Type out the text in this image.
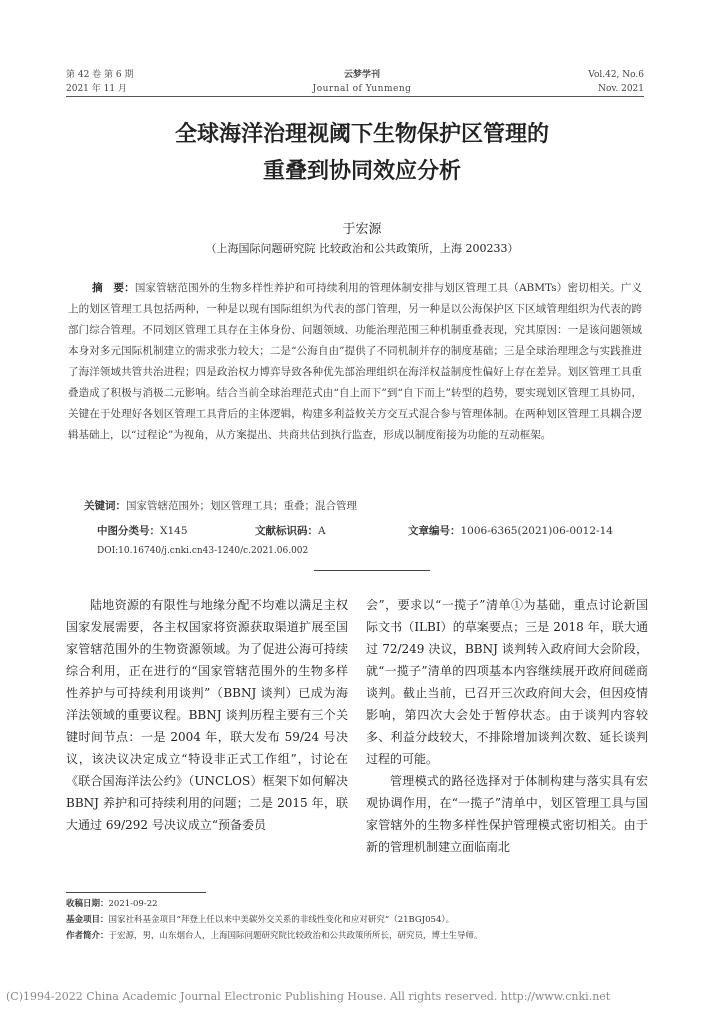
第 42 卷 第 6 期
2021 年 11 月
云梦学刊
Journal of Yunmeng
Vol.42, No.6
Nov. 2021
全球海洋治理视阈下生物保护区管理的
重叠到协同效应分析
于宏源
（上海国际问题研究院 比较政治和公共政策所，上海 200233）
摘　要：国家管辖范围外的生物多样性养护和可持续利用的管理体制安排与划区管理工具（ABMTs）密切相关。广义上的划区管理工具包括两种，一种是以现有国际组织为代表的部门管理，另一种是以公海保护区下区域管理组织为代表的跨部门综合管理。不同划区管理工具存在主体身份、问题领域、功能治理范围三种机制重叠表现，究其原因：一是该问题领域本身对多元国际机制建立的需求张力较大；二是“公海自由”提供了不同机制并存的制度基础；三是全球治理理念与实践推进了海洋领域共管共治进程；四是政治权力博弈导致各种优先部治理组织在海洋权益制度性偏好上存在差异。划区管理工具重叠造成了积极与消极二元影响。结合当前全球治理范式由“自上而下”到“自下而上”转型的趋势，要实现划区管理工具协同，关键在于处理好各划区管理工具背后的主体逻辑，构建多利益攸关方交互式混合参与管理体制。在两种划区管理工具耦合逻辑基础上，以“过程论”为视角，从方案提出、共商共估到执行监查，形成以制度衔接为功能的互动框架。
关键词：国家管辖范围外；划区管理工具；重叠；混合管理
中图分类号：X145	文献标识码：A	文章编号：1006-6365(2021)06-0012-14
DOI:10.16740/j.cnki.cn43-1240/c.2021.06.002

陆地资源的有限性与地缘分配不均难以满足主权国家发展需要，各主权国家将资源获取渠道扩展至国家管辖范围外的生物资源领域。为了促进公海可持续综合利用，正在进行的“国家管辖范围外的生物多样性养护与可持续利用谈判”（BBNJ 谈判）已成为海洋法领域的重要议程。BBNJ 谈判历程主要有三个关键时间节点：一是 2004 年，联大发布 59/24 号决议，该决议决定成立“特设非正式工作组”，讨论在《联合国海洋法公约》（UNCLOS）框架下如何解决 BBNJ 养护和可持续利用的问题；二是 2015 年，联大通过 69/292 号决议成立“预备委员

会”，要求以“一揽子”清单①为基础，重点讨论新国际文书（ILBI）的草案要点；三是 2018 年，联大通过 72/249 决议，BBNJ 谈判转入政府间大会阶段，就“一揽子”清单的四项基本内容继续展开政府间磋商谈判。截止当前，已召开三次政府间大会，但因疫情影响，第四次大会处于暂停状态。由于谈判内容较多、利益分歧较大，不排除增加谈判次数、延长谈判过程的可能。

管理模式的路径选择对于体制构建与落实具有宏观协调作用，在“一揽子”清单中，划区管理工具与国家管辖外的生物多样性保护管理模式密切相关。由于新的管理机制建立面临南北

收稿日期：2021-09-22
基金项目：国家社科基金项目“拜登上任以来中美碳外交关系的非线性变化和应对研究”（21BGJ054）。
作者简介：于宏源，男，山东烟台人，上海国际问题研究院比较政治和公共政策所所长，研究员，博士生导师。
(C)1994-2022 China Academic Journal Electronic Publishing House. All rights reserved. http://www.cnki.net
